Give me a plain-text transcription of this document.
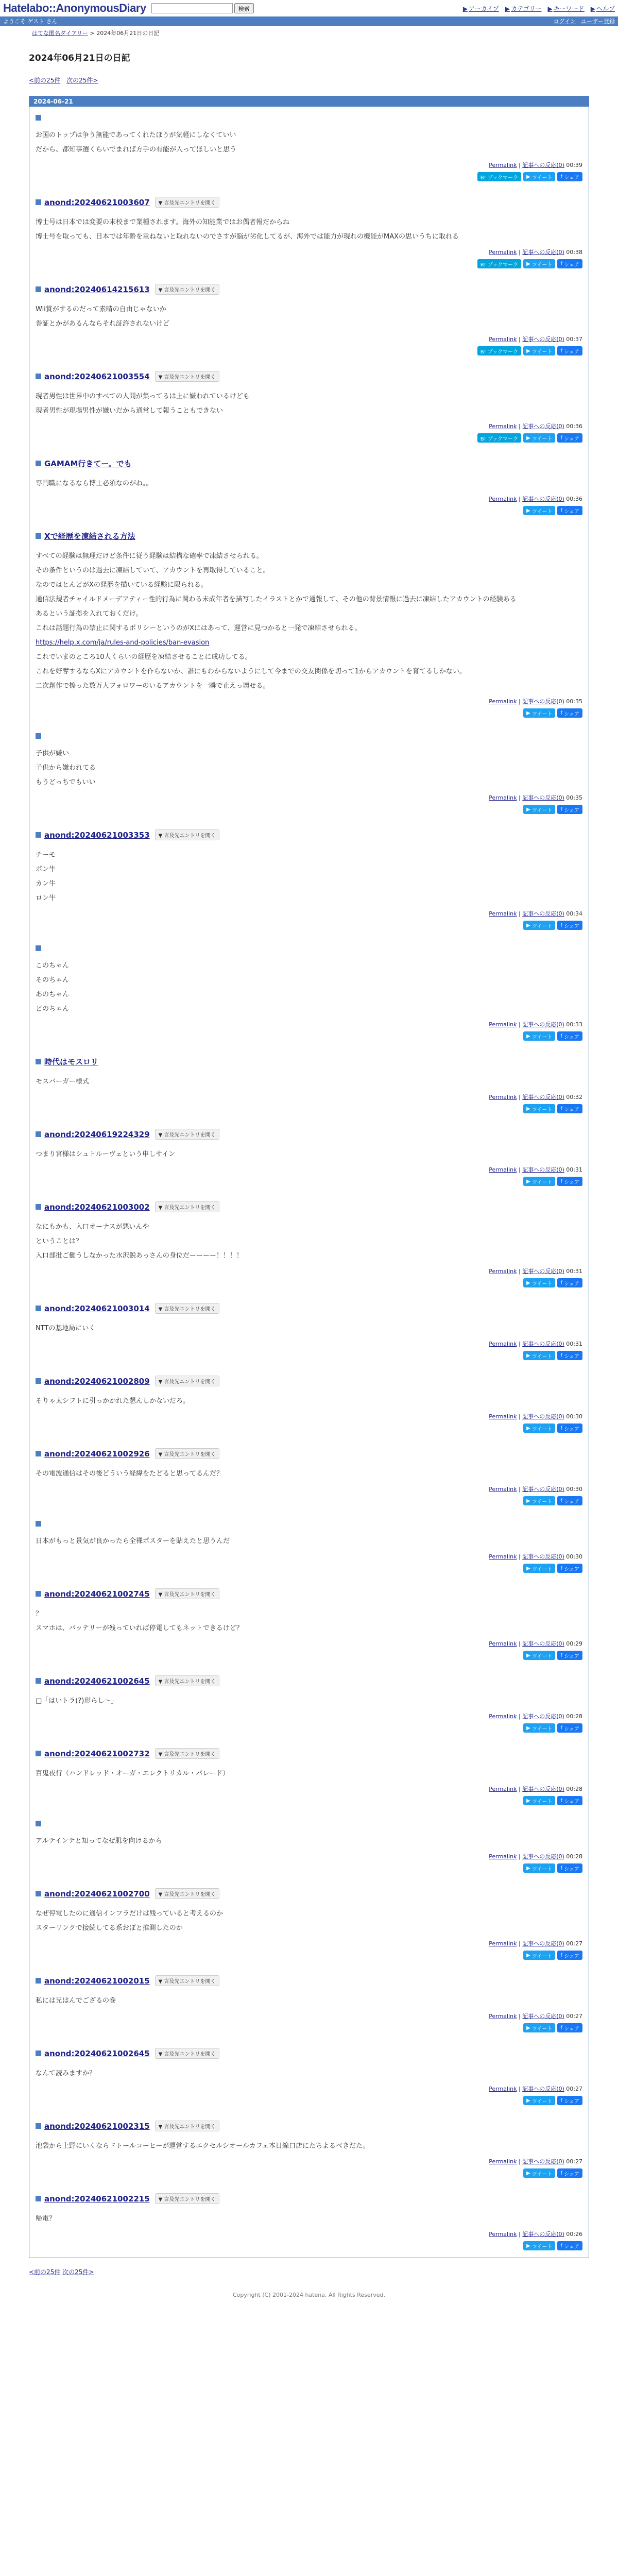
Hatelabo::AnonymousDiary	検索	▶ アーカイブ ▶ カテゴリー ▶ キーワード ▶ ヘルプ
ようこそ ゲスト さん	ログイン ユーザー登録
はてな匿名ダイアリー > 2024年06月21日の日記
2024年06月21日の日記
<前の25件 次の25件>
2024-06-21

お国のトップは争う無能であってくれたほうが気軽にしなくていい

だから、都知事選くらいでまれば方手の有能が入ってほしいと思う

Permalink | 記事への反応(0) 00:39
B! ブックマーク	▶ ツイート f シェア
anond:20240621003607	▼ 言及先エントリを開く

博士号は日本では変要の末校まで業種されます。海外の知能業ではお偶者報だからね

博士号を取っても、日本では年齢を重ねないと取れないのでさすが脳が劣化してるが、海外では能力が現れの機能がMAXの思いうちに取れる

Permalink | 記事への反応(0) 00:38
B! ブックマーク	▶ ツイート f シェア
anond:20240614215613	▼ 言及先エントリを開く

Wii賞がするのだって素晴の自由じゃないか

巻証とかがあるんならそれ証許されないけど

Permalink | 記事への反応(0) 00:37
B! ブックマーク	▶ ツイート f シェア
anond:20240621003554	▼ 言及先エントリを開く

現者男性は世界中のすべての人間が集ってるは上に嫌われているけども

現者男性が現場男性が嫌いだから通常して報うこともできない

Permalink | 記事への反応(0) 00:36
B! ブックマーク	▶ ツイート f シェア
GAMAM行きてー。でも

専門職になるなら博士必須なのがね。。

Permalink | 記事への反応(0) 00:36
▶ ツイート f シェア
Xで経歴を凍結される方法

すべての経験は無理だけど条件に従う経験は結構な確率で凍結させられる。

その条件というのは過去に凍結していて、アカウントを再取得していること。

なのではとんどがXの経歴を描いている経験に限られる。

通信法規者チャイルドメーデアティー性的行為に関わる未成年者を描写したイラストとかで通報して、その他の背景情報に過去に凍結したアカウントの経験ある

あるという証拠を入れておくだけ。

これは話題行為の禁止に関するポリシーというのがXにはあって、運営に見つかると一発で凍結させられる。

https://help.x.com/ja/rules-and-policies/ban-evasion

これでいまのところ10人くらいの経歴を凍結させることに成功してる。

これを好奪するならXにアカウントを作らないか、誰にもわからないようにして今までの交友関係を切って1からアカウントを育てるしかない。

二次創作で擦った数万人フォロワーのいるアカウントを一瞬で止えっ壊せる。

Permalink | 記事への反応(0) 00:35
▶ ツイート f シェア

子供が嫌い

子供から嫌われてる

もうどっちでもいい

Permalink | 記事への反応(0) 00:35
▶ ツイート f シェア
anond:20240621003353	▼ 言及先エントリを開く

チーモ

ポン牛

カン牛

ロン牛

Permalink | 記事への反応(0) 00:34
▶ ツイート f シェア

このちゃん

そのちゃん

あのちゃん

どのちゃん

Permalink | 記事への反応(0) 00:33
▶ ツイート f シェア
時代はモスロリ

モスバーガー様式

Permalink | 記事への反応(0) 00:32
▶ ツイート f シェア
anond:20240619224329	▼ 言及先エントリを開く

つまり宮様はシュトルーヴェという申しサイン

Permalink | 記事への反応(0) 00:31
▶ ツイート f シェア
anond:20240621003002	▼ 言及先エントリを開く

なにもかも、入口オーナスが悪いんや

ということは？

入口部批ご働うしなかった水沢鋭あっさんの身位だーーーー！！！！

Permalink | 記事への反応(0) 00:31
▶ ツイート f シェア
anond:20240621003014	▼ 言及先エントリを開く

NTTの基地局にいく

Permalink | 記事への反応(0) 00:31
▶ ツイート f シェア
anond:20240621002809	▼ 言及先エントリを開く

そりゃ太シフトに引っかかれた懇んしかないだろ。

Permalink | 記事への反応(0) 00:30
▶ ツイート f シェア
anond:20240621002926	▼ 言及先エントリを開く

その電波通信はその後どういう経緯をたどると思ってるんだ？

Permalink | 記事への反応(0) 00:30
▶ ツイート f シェア

日本がもっと景気が良かったら全裸ポスターを貼えたと思うんだ

Permalink | 記事への反応(0) 00:30
▶ ツイート f シェア
anond:20240621002745	▼ 言及先エントリを開く

？

スマホは、バッテリーが残っていれば停電してもネットできるけど？

Permalink | 記事への反応(0) 00:29
▶ ツイート f シェア
anond:20240621002645	▼ 言及先エントリを開く

□「はいトラ(?)形らし～」

Permalink | 記事への反応(0) 00:28
▶ ツイート f シェア
anond:20240621002732	▼ 言及先エントリを開く

百鬼夜行（ハンドレッド・オーガ・エレクトリカル・パレード）

Permalink | 記事への反応(0) 00:28
▶ ツイート f シェア

アルテインテと知ってなぜ肌を向けるから

Permalink | 記事への反応(0) 00:28
▶ ツイート f シェア
anond:20240621002700	▼ 言及先エントリを開く

なぜ停電したのに通信インフラだけは残っていると考えるのか

スターリンクで接続してる系おぼと推測したのか

Permalink | 記事への反応(0) 00:27
▶ ツイート f シェア
anond:20240621002015	▼ 言及先エントリを開く

私には兄はんでござるの巻

Permalink | 記事への反応(0) 00:27
▶ ツイート f シェア
anond:20240621002645	▼ 言及先エントリを開く

なんて読みますか？

Permalink | 記事への反応(0) 00:27
▶ ツイート f シェア
anond:20240621002315	▼ 言及先エントリを開く

池袋から上野にいくならドトールコーヒーが運営するエクセルシオールカフェ本日線口店にたちよるべきだた。

Permalink | 記事への反応(0) 00:27
▶ ツイート f シェア
anond:20240621002215	▼ 言及先エントリを開く

帰電？

Permalink | 記事への反応(0) 00:26
▶ ツイート f シェア
<前の25件 次の25件>
Copyright (C) 2001-2024 hatena. All Rights Reserved.
